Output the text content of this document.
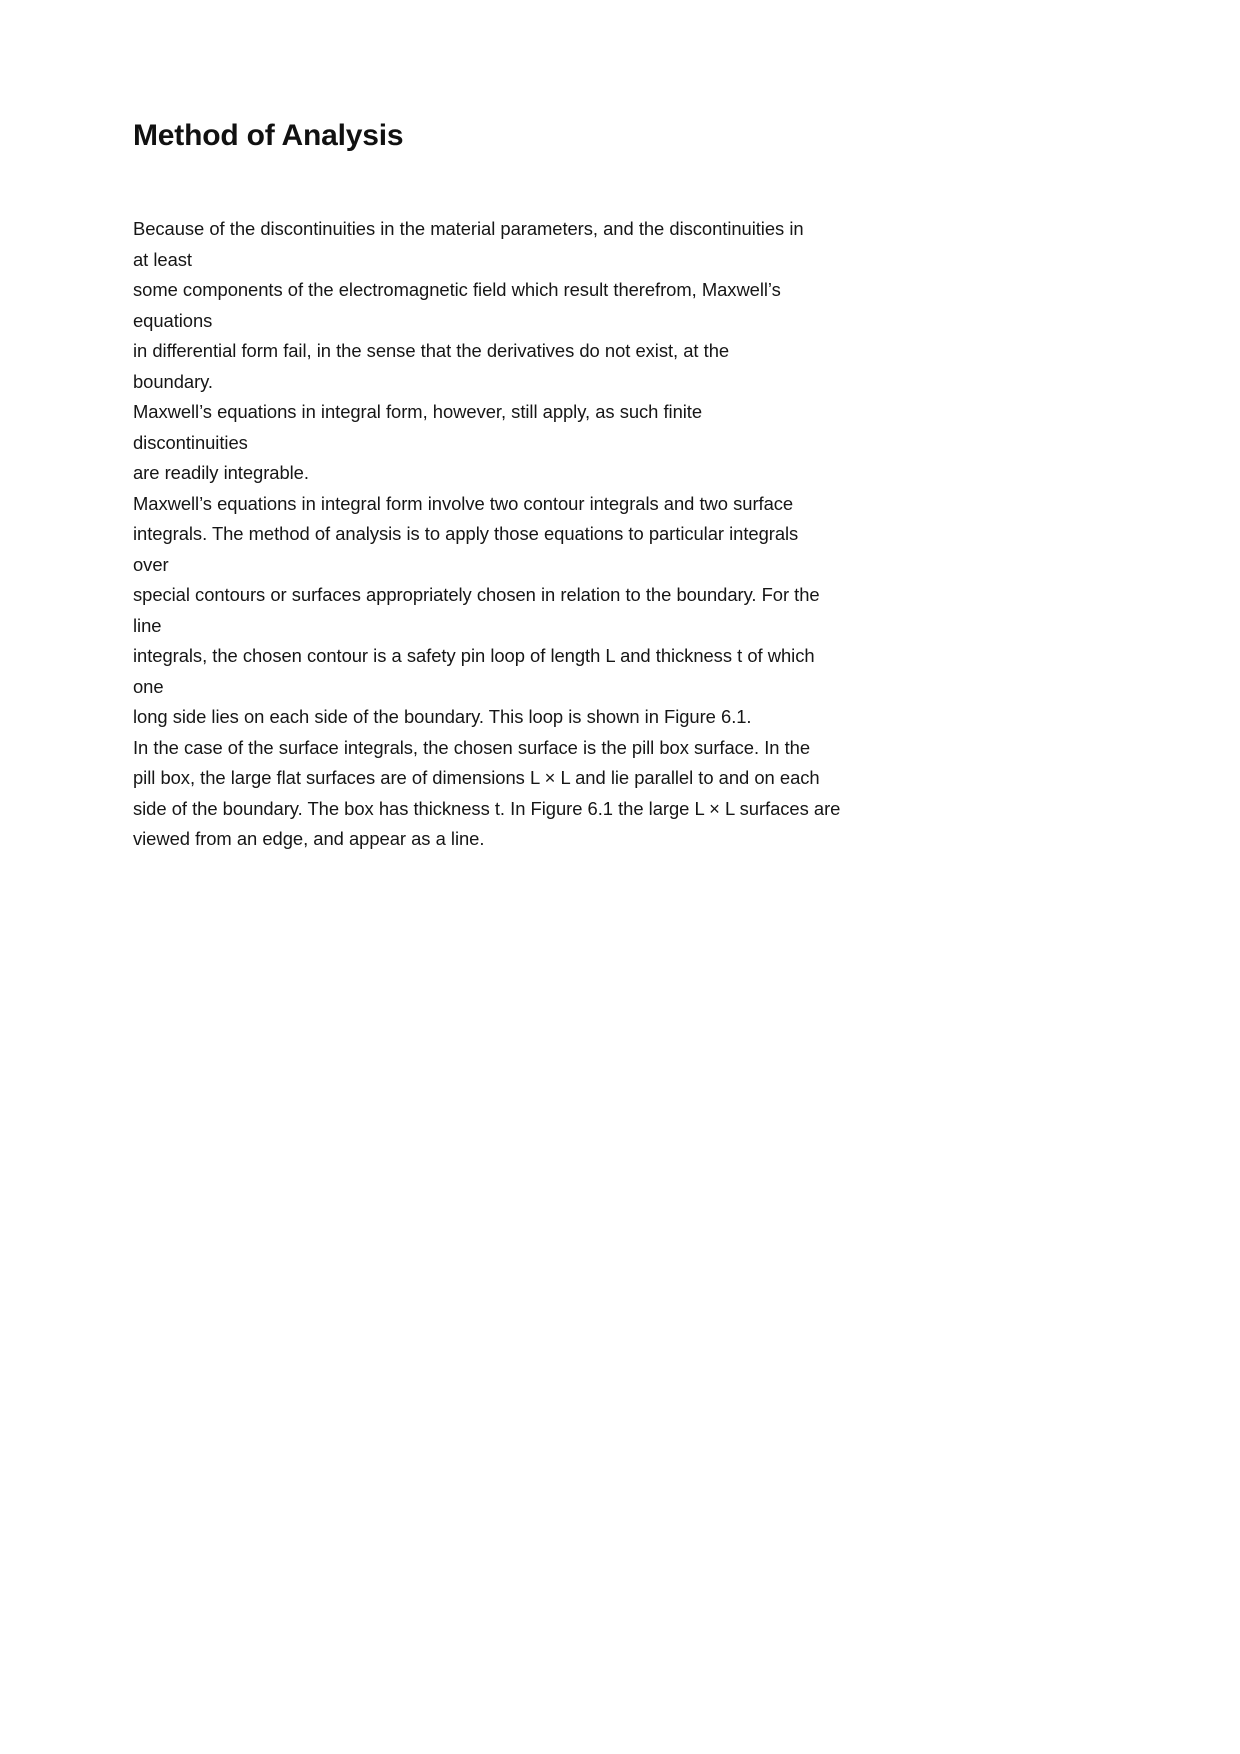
Method of Analysis
Because of the discontinuities in the material parameters, and the discontinuities in
at least
some components of the electromagnetic field which result therefrom, Maxwell’s
equations
in differential form fail, in the sense that the derivatives do not exist, at the
boundary.
Maxwell’s equations in integral form, however, still apply, as such finite
discontinuities
are readily integrable.
Maxwell’s equations in integral form involve two contour integrals and two surface
integrals. The method of analysis is to apply those equations to particular integrals
over
special contours or surfaces appropriately chosen in relation to the boundary. For the
line
integrals, the chosen contour is a safety pin loop of length L and thickness t of which
one
long side lies on each side of the boundary. This loop is shown in Figure 6.1.
In the case of the surface integrals, the chosen surface is the pill box surface. In the
pill box, the large flat surfaces are of dimensions L × L and lie parallel to and on each
side of the boundary. The box has thickness t. In Figure 6.1 the large L × L surfaces are
viewed from an edge, and appear as a line.
